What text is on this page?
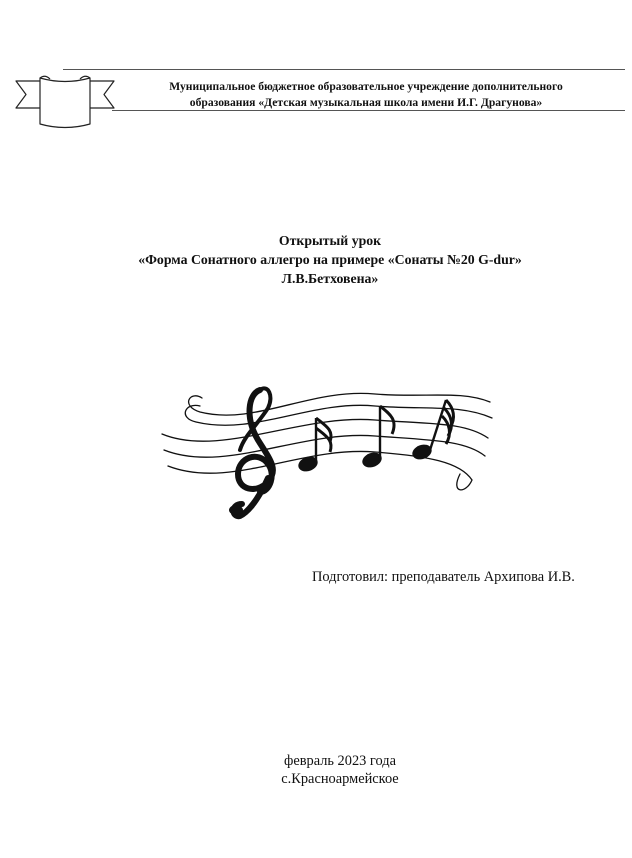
Муниципальное бюджетное образовательное учреждение дополнительного
образования «Детская музыкальная школа имени И.Г. Драгунова»
Открытый урок
«Форма Сонатного аллегро на примере «Сонаты №20 G-dur»
Л.В.Бетховена»
Подготовил: преподаватель Архипова И.В.
февраль 2023 года
с.Красноармейское
